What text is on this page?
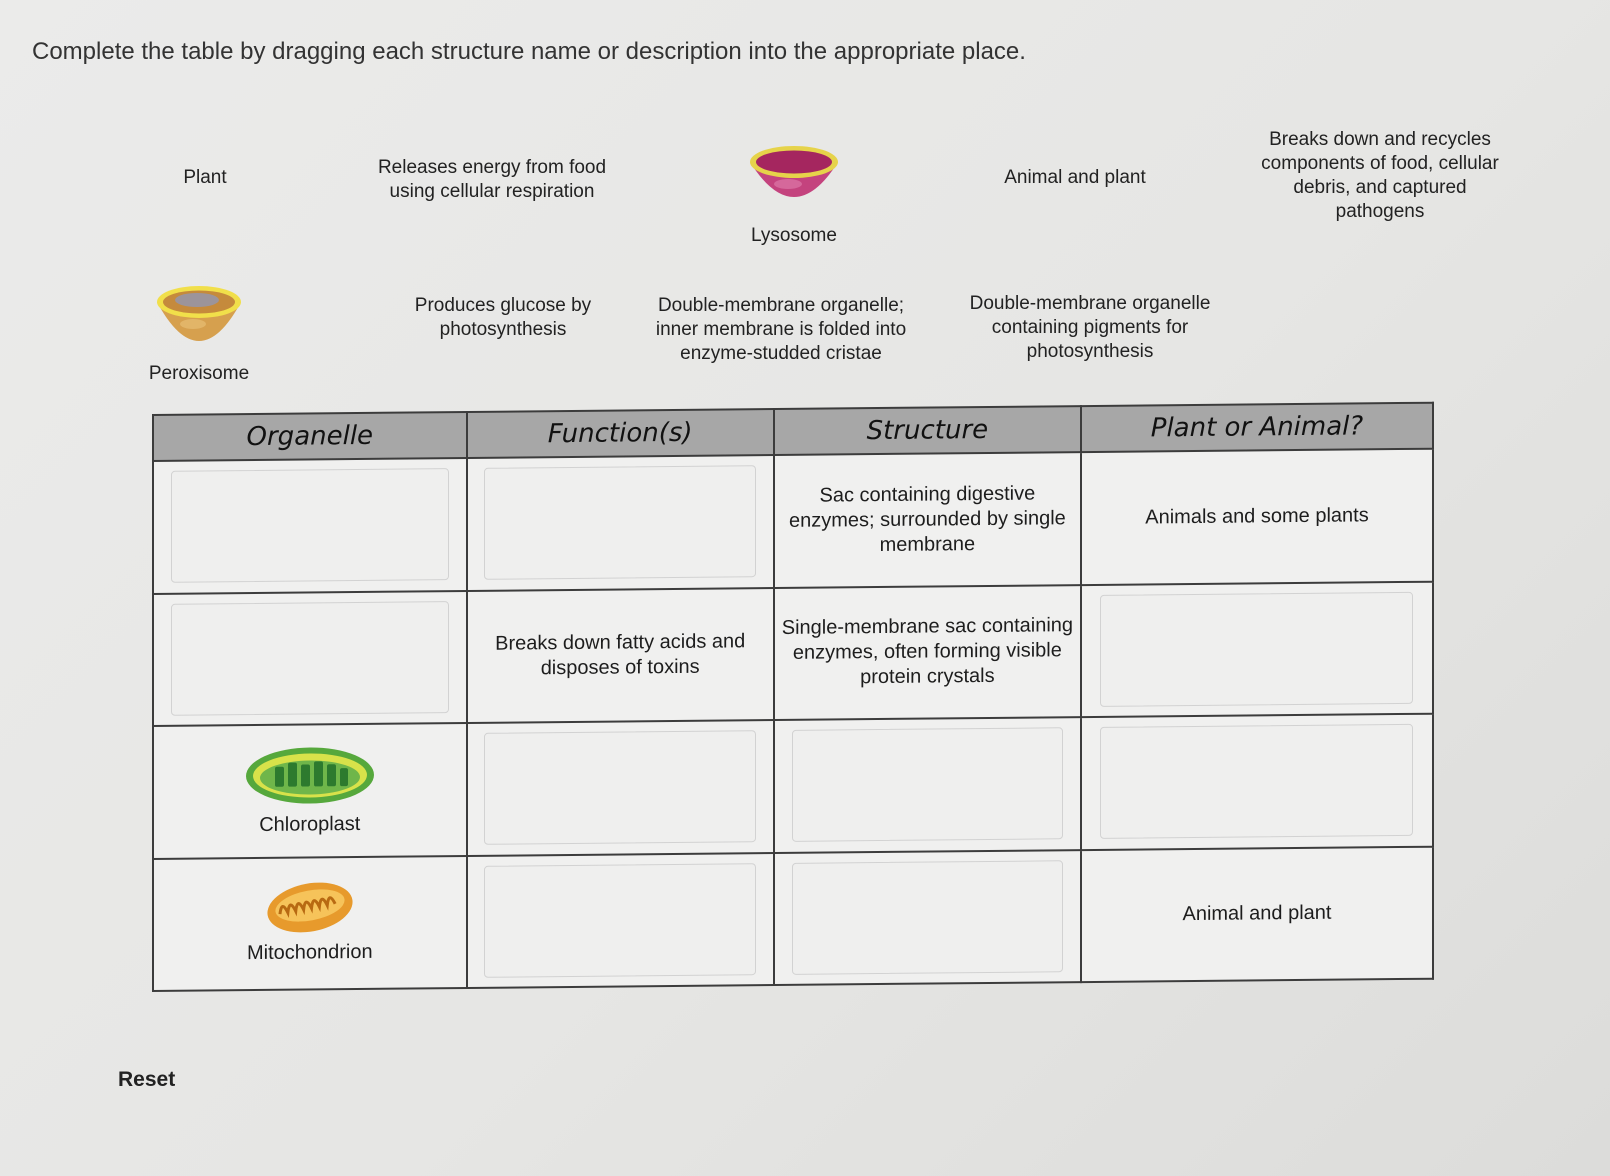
Complete the table by dragging each structure name or description into the appropriate place.
Plant	Releases energy from food using cellular respiration
Lysosome
Animal and plant
Breaks down and recycles components of food, cellular debris, and captured pathogens
Peroxisome
Produces glucose by photosynthesis
Double-membrane organelle; inner membrane is folded into enzyme-studded cristae
Double-membrane organelle containing pigments for photosynthesis
Organelle	Function(s)	Structure	Plant or Animal?

		Sac containing digestive enzymes; surrounded by single membrane	Animals and some plants

	Breaks down fatty acids and disposes of toxins	Single-membrane sac containing enzymes, often forming visible protein crystals	

Chloroplast			

Mitochondrion			Animal and plant
Reset
